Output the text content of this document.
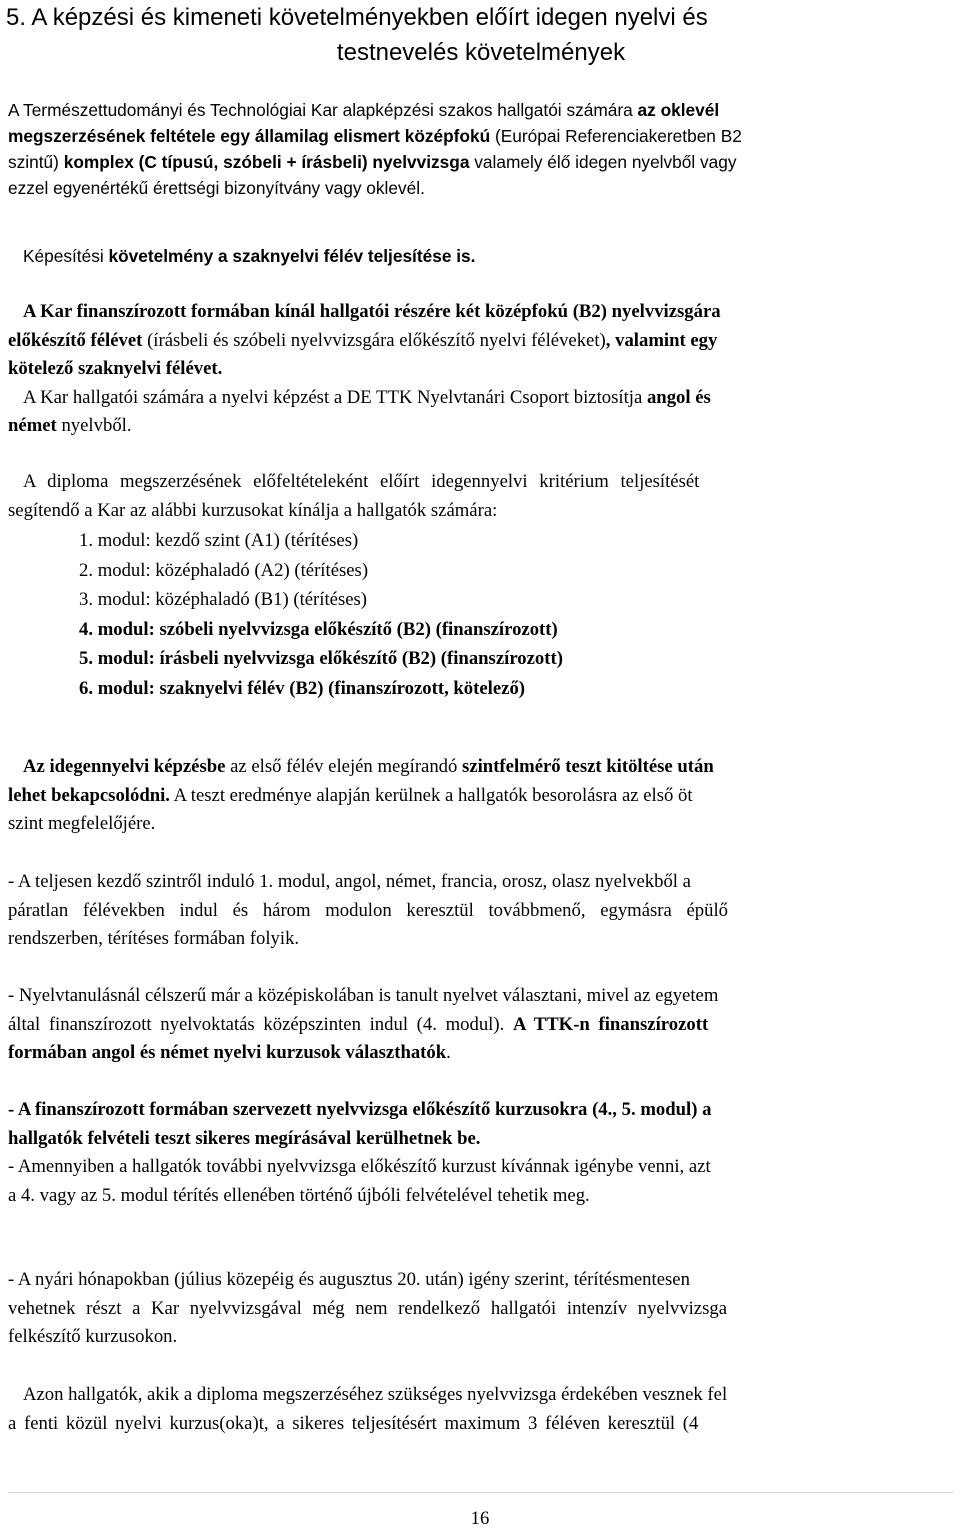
5. A képzési és kimeneti követelményekben előírt idegen nyelvi és
testnevelés követelmények
A Természettudományi és Technológiai Kar alapképzési szakos hallgatói számára az oklevél
megszerzésének feltétele egy államilag elismert középfokú (Európai Referenciakeretben B2
szintű) komplex (C típusú, szóbeli + írásbeli) nyelvvizsga valamely élő idegen nyelvből vagy
ezzel egyenértékű érettségi bizonyítvány vagy oklevél.
Képesítési követelmény a szaknyelvi félév teljesítése is.
A Kar finanszírozott formában kínál hallgatói részére két középfokú (B2) nyelvvizsgára
előkészítő félévet (írásbeli és szóbeli nyelvvizsgára előkészítő nyelvi féléveket), valamint egy
kötelező szaknyelvi félévet.
A Kar hallgatói számára a nyelvi képzést a DE TTK Nyelvtanári Csoport biztosítja angol és
német nyelvből.
A diploma megszerzésének előfeltételeként előírt idegennyelvi kritérium teljesítését
segítendő a Kar az alábbi kurzusokat kínálja a hallgatók számára:
1. modul: kezdő szint (A1) (térítéses)
2. modul: középhaladó (A2) (térítéses)
3. modul: középhaladó (B1) (térítéses)
4. modul: szóbeli nyelvvizsga előkészítő (B2) (finanszírozott)
5. modul: írásbeli nyelvvizsga előkészítő (B2) (finanszírozott)
6. modul: szaknyelvi félév (B2) (finanszírozott, kötelező)
Az idegennyelvi képzésbe az első félév elején megírandó szintfelmérő teszt kitöltése után
lehet bekapcsolódni. A teszt eredménye alapján kerülnek a hallgatók besorolásra az első öt
szint megfelelőjére.
- A teljesen kezdő szintről induló 1. modul, angol, német, francia, orosz, olasz nyelvekből a
páratlan félévekben indul és három modulon keresztül továbbmenő, egymásra épülő
rendszerben, térítéses formában folyik.
- Nyelvtanulásnál célszerű már a középiskolában is tanult nyelvet választani, mivel az egyetem
által finanszírozott nyelvoktatás középszinten indul (4. modul). A TTK-n finanszírozott
formában angol és német nyelvi kurzusok választhatók.
- A finanszírozott formában szervezett nyelvvizsga előkészítő kurzusokra (4., 5. modul) a
hallgatók felvételi teszt sikeres megírásával kerülhetnek be.
- Amennyiben a hallgatók további nyelvvizsga előkészítő kurzust kívánnak igénybe venni, azt
a 4. vagy az 5. modul térítés ellenében történő újbóli felvételével tehetik meg.
- A nyári hónapokban (július közepéig és augusztus 20. után) igény szerint, térítésmentesen
vehetnek részt a Kar nyelvvizsgával még nem rendelkező hallgatói intenzív nyelvvizsga
felkészítő kurzusokon.
Azon hallgatók, akik a diploma megszerzéséhez szükséges nyelvvizsga érdekében vesznek fel
a fenti közül nyelvi kurzus(oka)t, a sikeres teljesítésért maximum 3 féléven keresztül (4
16
